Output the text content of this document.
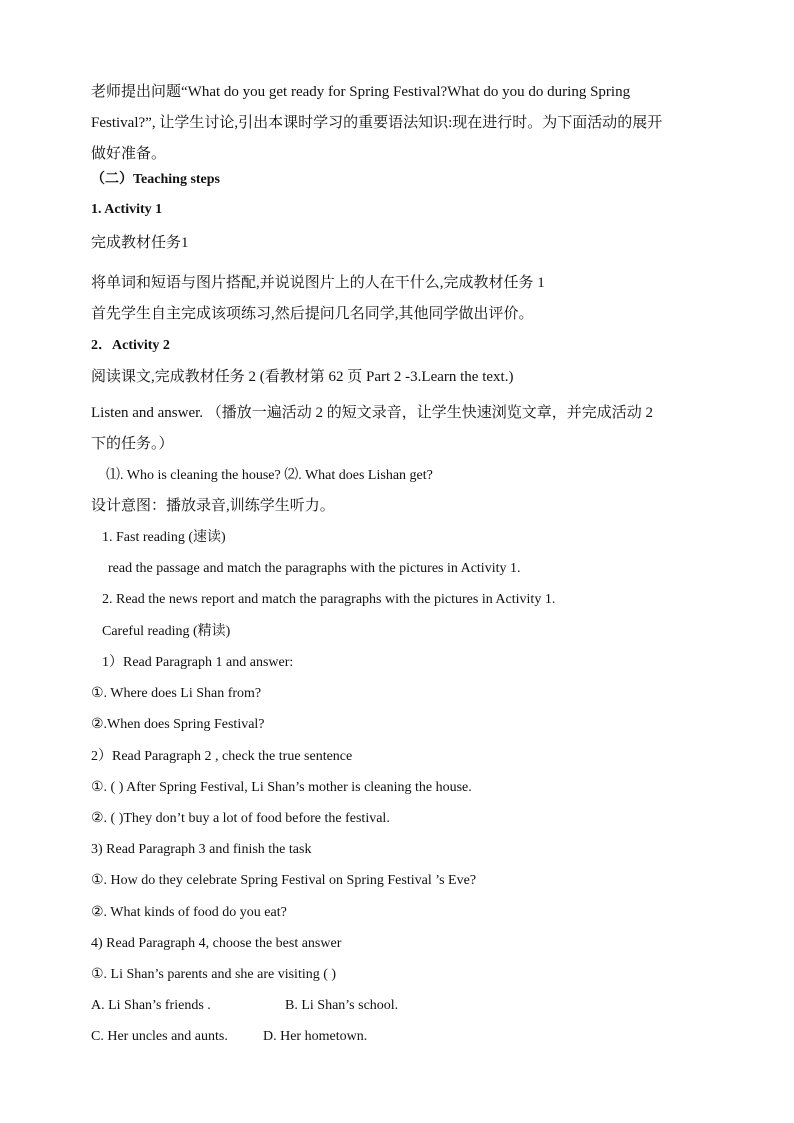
老师提出问题“What do you get ready for Spring Festival?What do you do during Spring
Festival?”, 让学生讨论,引出本课时学习的重要语法知识:现在进行时。为下面活动的展开
做好准备。
（二）Teaching steps
1. Activity 1
完成教材任务1
将单词和短语与图片搭配,并说说图片上的人在干什么,完成教材任务 1
首先学生自主完成该项练习,然后提问几名同学,其他同学做出评价。
2．Activity 2
阅读课文,完成教材任务 2 (看教材第 62 页 Part 2 -3.Learn the text.)
Listen and answer. （播放一遍活动 2 的短文录音，让学生快速浏览文章，并完成活动 2
下的任务。）
⑴. Who is cleaning the house? ⑵. What does Lishan get?
设计意图：播放录音,训练学生听力。
1. Fast reading (速读)
read the passage and match the paragraphs with the pictures in Activity 1.
2. Read the news report and match the paragraphs with the pictures in Activity 1.
Careful reading (精读)
1）Read Paragraph 1 and answer:
①. Where does Li Shan from?
②.When does Spring Festival?
2）Read Paragraph 2 , check the true sentence
①. ( ) After Spring Festival, Li Shan’s mother is cleaning the house.
②. ( )They don’t buy a lot of food before the festival.
3) Read Paragraph 3 and finish the task
①. How do they celebrate Spring Festival on Spring Festival ’s Eve?
②. What kinds of food do you eat?
4) Read Paragraph 4, choose the best answer
①. Li Shan’s parents and she are visiting ( )
A. Li Shan’s friends .	B. Li Shan’s school.
C. Her uncles and aunts.	D. Her hometown.
